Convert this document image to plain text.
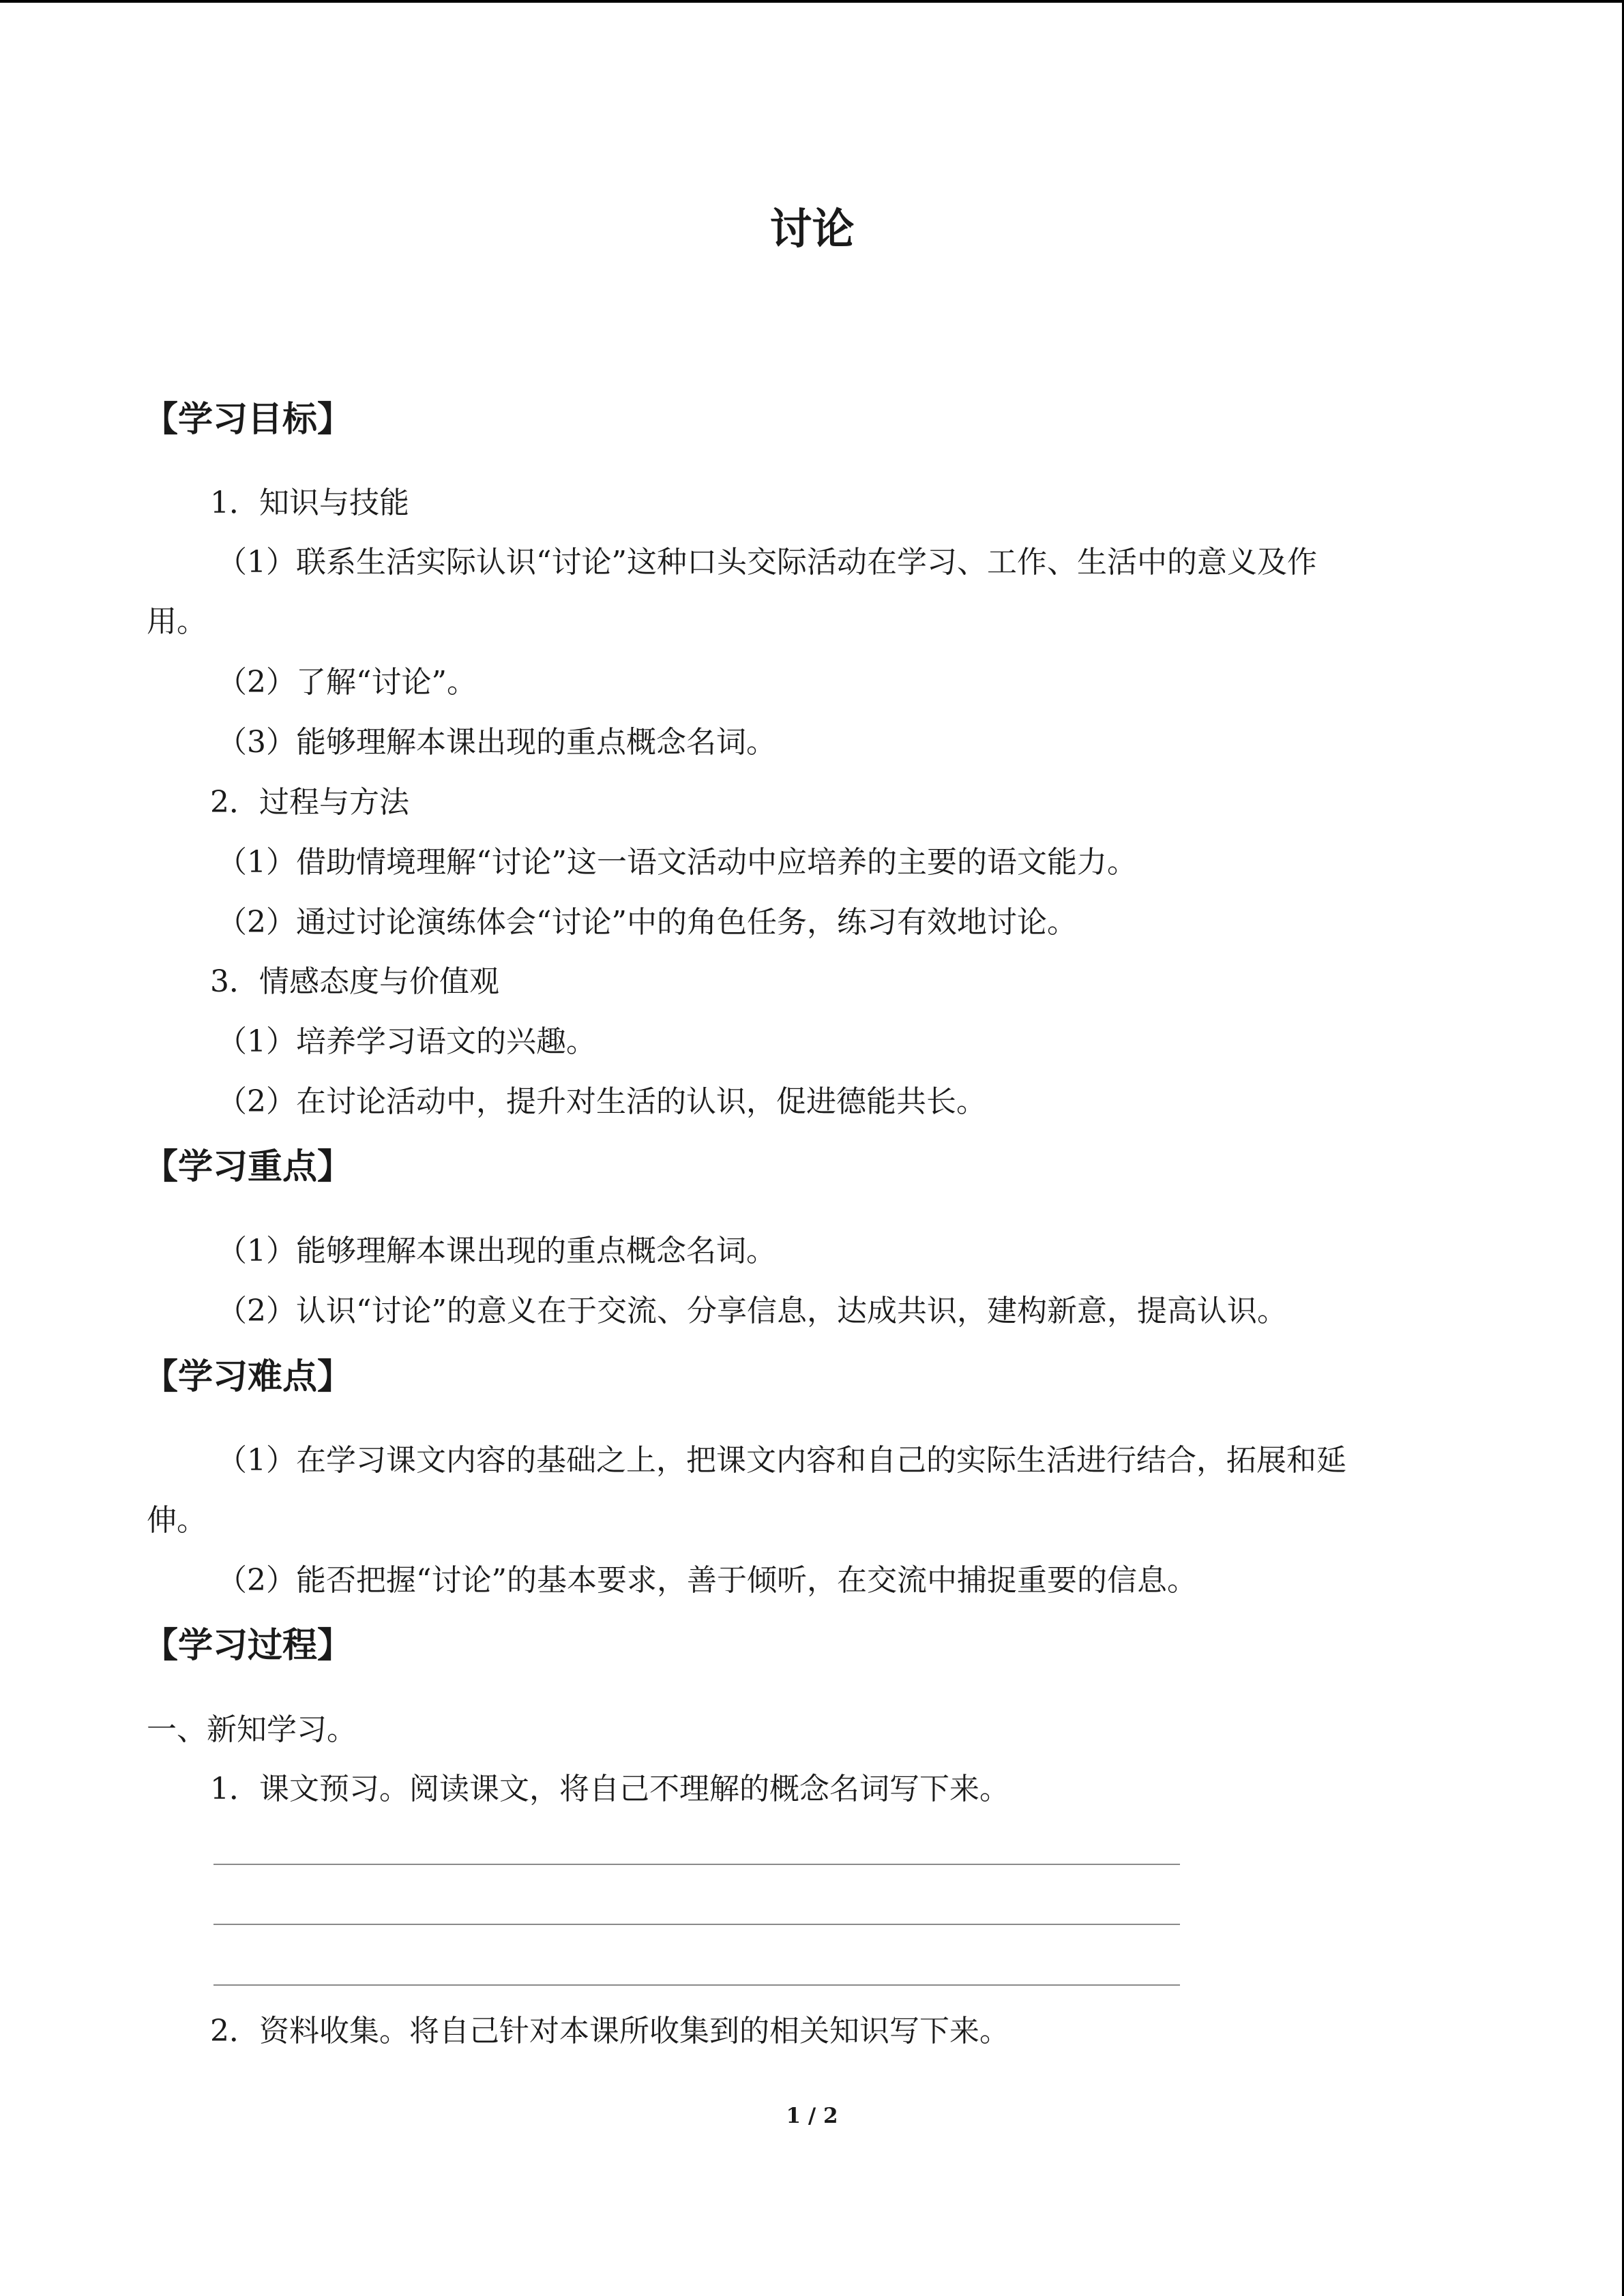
讨论
【学习目标】
1．知识与技能
（1）联系生活实际认识“讨论”这种口头交际活动在学习、工作、生活中的意义及作
用。
（2）了解“讨论”。
（3）能够理解本课出现的重点概念名词。
2．过程与方法
（1）借助情境理解“讨论”这一语文活动中应培养的主要的语文能力。
（2）通过讨论演练体会“讨论”中的角色任务，练习有效地讨论。
3．情感态度与价值观
（1）培养学习语文的兴趣。
（2）在讨论活动中，提升对生活的认识，促进德能共长。
【学习重点】
（1）能够理解本课出现的重点概念名词。
（2）认识“讨论”的意义在于交流、分享信息，达成共识，建构新意，提高认识。
【学习难点】
（1）在学习课文内容的基础之上，把课文内容和自己的实际生活进行结合，拓展和延
伸。
（2）能否把握“讨论”的基本要求，善于倾听，在交流中捕捉重要的信息。
【学习过程】
一、新知学习。
1．课文预习。阅读课文，将自己不理解的概念名词写下来。
2．资料收集。将自己针对本课所收集到的相关知识写下来。
1 / 2
